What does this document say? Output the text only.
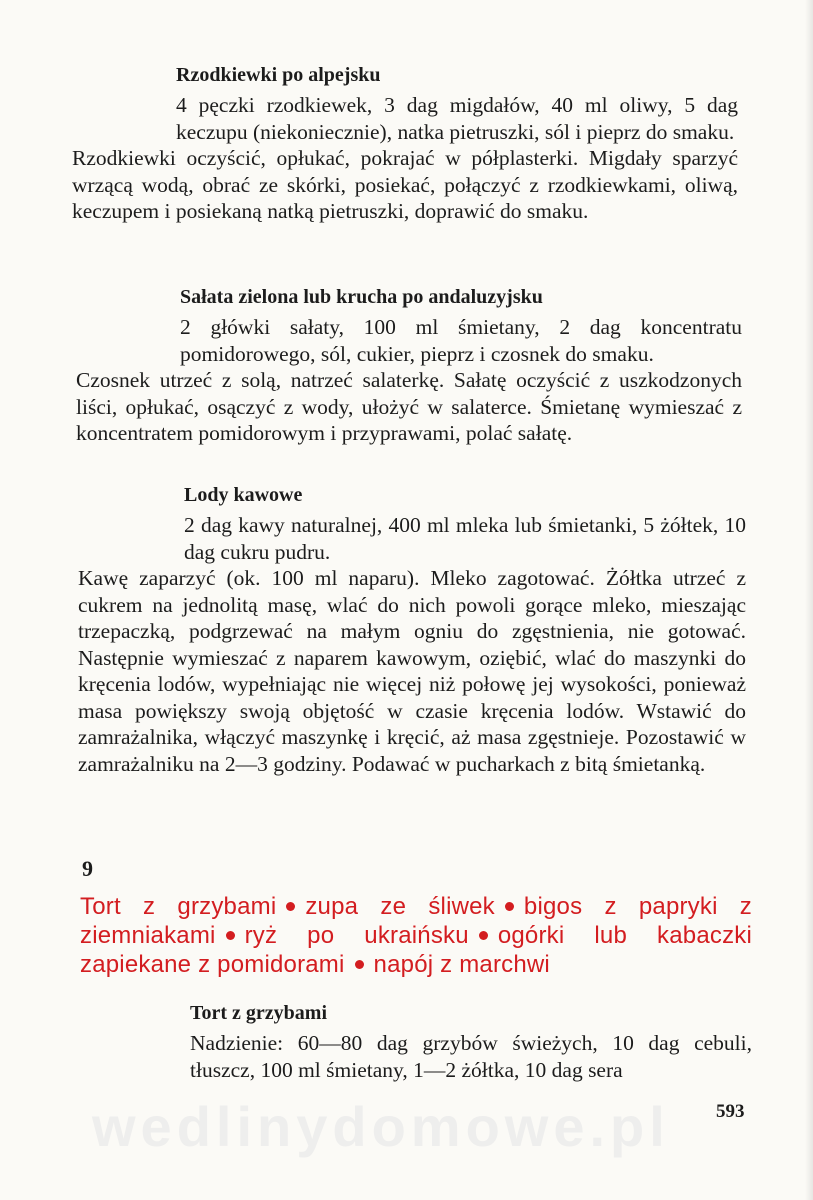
Rzodkiewki po alpejsku
4 pęczki rzodkiewek, 3 dag migdałów, 40 ml oliwy, 5 dag keczupu (niekoniecznie), natka pietruszki, sól i pieprz do smaku.
Rzodkiewki oczyścić, opłukać, pokrajać w półplasterki. Migdały sparzyć wrzącą wodą, obrać ze skórki, posiekać, połączyć z rzodkiewkami, oliwą, keczupem i posiekaną natką pietruszki, doprawić do smaku.
Sałata zielona lub krucha po andaluzyjsku
2 główki sałaty, 100 ml śmietany, 2 dag koncentratu pomidorowego, sól, cukier, pieprz i czosnek do smaku.
Czosnek utrzeć z solą, natrzeć salaterkę. Sałatę oczyścić z uszkodzonych liści, opłukać, osączyć z wody, ułożyć w salaterce. Śmietanę wymieszać z koncentratem pomidorowym i przyprawami, polać sałatę.
Lody kawowe
2 dag kawy naturalnej, 400 ml mleka lub śmietanki, 5 żółtek, 10 dag cukru pudru.
Kawę zaparzyć (ok. 100 ml naparu). Mleko zagotować. Żółtka utrzeć z cukrem na jednolitą masę, wlać do nich powoli gorące mleko, mieszając trzepaczką, podgrzewać na małym ogniu do zgęstnienia, nie gotować. Następnie wymieszać z naparem kawowym, oziębić, wlać do maszynki do kręcenia lodów, wypełniając nie więcej niż połowę jej wysokości, ponieważ masa powiększy swoją objętość w czasie kręcenia lodów. Wstawić do zamrażalnika, włączyć maszynkę i kręcić, aż masa zgęstnieje. Pozostawić w zamrażalniku na 2—3 godziny. Podawać w pucharkach z bitą śmietanką.
9
Tort z grzybami zupa ze śliwek bigos z papryki z ziemniakami ryż po ukraińsku ogórki lub kabaczki zapiekane z pomidorami napój z marchwi
Tort z grzybami
Nadzienie: 60—80 dag grzybów świeżych, 10 dag cebuli, tłuszcz, 100 ml śmietany, 1—2 żółtka, 10 dag sera
wedlinydomowe.pl 593
